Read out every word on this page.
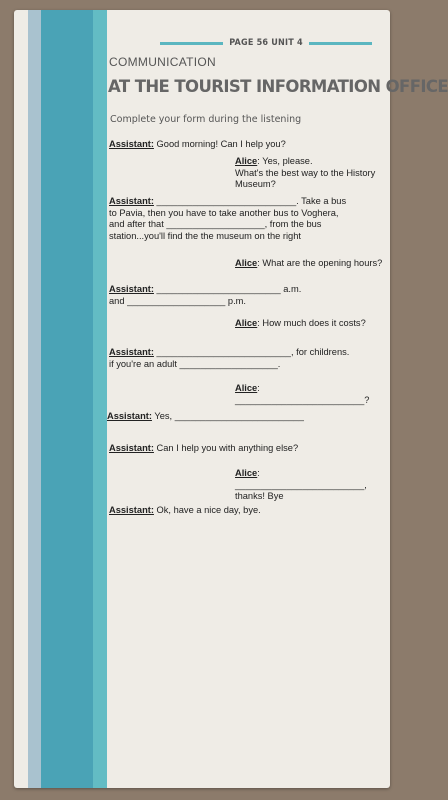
PAGE 56 UNIT 4
COMMUNICATION
AT THE TOURIST INFORMATION OFFICE
Complete your form during the listening
Assistant: Good morning! Can I help you?
Alice: Yes, please.
What's the best way to the History Museum?
Assistant: ___________________________. Take a bus to Pavia, then you have to take another bus to Voghera, and after that ___________________, from the bus station...you'll find the the museum on the right
Alice: What are the opening hours?
Assistant: ________________________ a.m. and ___________________ p.m.
Alice: How much does it costs?
Assistant: __________________________, for childrens. if you're an adult ___________________.
Alice: _________________________?
Assistant: Yes, _________________________
Assistant: Can I help you with anything else?
Alice: _________________________,
thanks! Bye
Assistant: Ok, have a nice day, bye.
